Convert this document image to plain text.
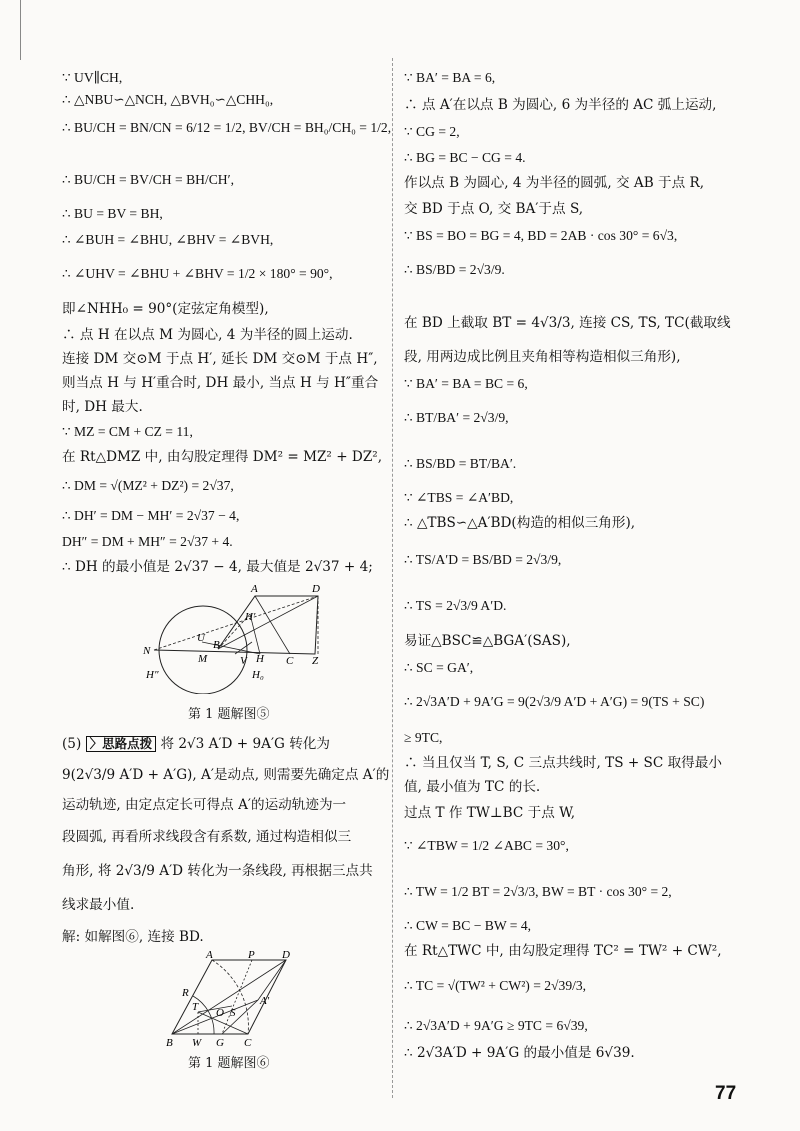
∵ UV∥CH,
∴ △NBU∽△NCH, △BVH₀∽△CHH₀,
∴ BU/CH = BN/CN = 6/12 = 1/2, BV/CH = BH₀/CH₀ = 1/2,
∴ BU/CH = BV/CH = BH/CH′,
∴ BU = BV = BH,
∴ ∠BUH = ∠BHU, ∠BHV = ∠BVH,
∴ ∠UHV = ∠BHU + ∠BHV = 1/2 × 180° = 90°,
即∠NHH₀ = 90°(定弦定角模型),
∴ 点 H 在以点 M 为圆心, 4 为半径的圆上运动.
连接 DM 交⊙M 于点 H′, 延长 DM 交⊙M 于点 H″,
则当点 H 与 H′重合时, DH 最小, 当点 H 与 H″重合
时, DH 最大.
∵ MZ = CM + CZ = 11,
在 Rt△DMZ 中, 由勾股定理得 DM² = MZ² + DZ²,
∴ DM = √(MZ² + DZ²) = 2√37,
∴ DH′ = DM − MH′ = 2√37 − 4,
DH″ = DM + MH″ = 2√37 + 4.
∴ DH 的最小值是 2√37 − 4, 最大值是 2√37 + 4;
A	D
H′
U
B
N
M	V H C Z
H″	H₀
第 1 题解图⑤
(5) 〉思路点拨 将 2√3 A′D + 9A′G 转化为
9(2√3/9 A′D + A′G), A′是动点, 则需要先确定点 A′的
运动轨迹, 由定点定长可得点 A′的运动轨迹为一
段圆弧, 再看所求线段含有系数, 通过构造相似三
角形, 将 2√3/9 A′D 转化为一条线段, 再根据三点共
线求最小值.
解: 如解图⑥, 连接 BD.
A	P D
R
T O S
A′
B W G C
第 1 题解图⑥
∵ BA′ = BA = 6,
∴ 点 A′在以点 B 为圆心, 6 为半径的 AC 弧上运动,
∵ CG = 2,
∴ BG = BC − CG = 4.
作以点 B 为圆心, 4 为半径的圆弧, 交 AB 于点 R,
交 BD 于点 O, 交 BA′于点 S,
∵ BS = BO = BG = 4, BD = 2AB · cos 30° = 6√3,
∴ BS/BD = 2√3/9.
在 BD 上截取 BT = 4√3/3, 连接 CS, TS, TC(截取线
段, 用两边成比例且夹角相等构造相似三角形),
∵ BA′ = BA = BC = 6,
∴ BT/BA′ = 2√3/9,
∴ BS/BD = BT/BA′.
∵ ∠TBS = ∠A′BD,
∴ △TBS∽△A′BD(构造的相似三角形),
∴ TS/A′D = BS/BD = 2√3/9,
∴ TS = 2√3/9 A′D.
易证△BSC≌△BGA′(SAS),
∴ SC = GA′,
∴ 2√3A′D + 9A′G = 9(2√3/9 A′D + A′G) = 9(TS + SC)
≥ 9TC,
∴ 当且仅当 T, S, C 三点共线时, TS + SC 取得最小
值, 最小值为 TC 的长.
过点 T 作 TW⊥BC 于点 W,
∵ ∠TBW = 1/2 ∠ABC = 30°,
∴ TW = 1/2 BT = 2√3/3, BW = BT · cos 30° = 2,
∴ CW = BC − BW = 4,
在 Rt△TWC 中, 由勾股定理得 TC² = TW² + CW²,
∴ TC = √(TW² + CW²) = 2√39/3,
∴ 2√3A′D + 9A′G ≥ 9TC = 6√39,
∴ 2√3A′D + 9A′G 的最小值是 6√39.
77
